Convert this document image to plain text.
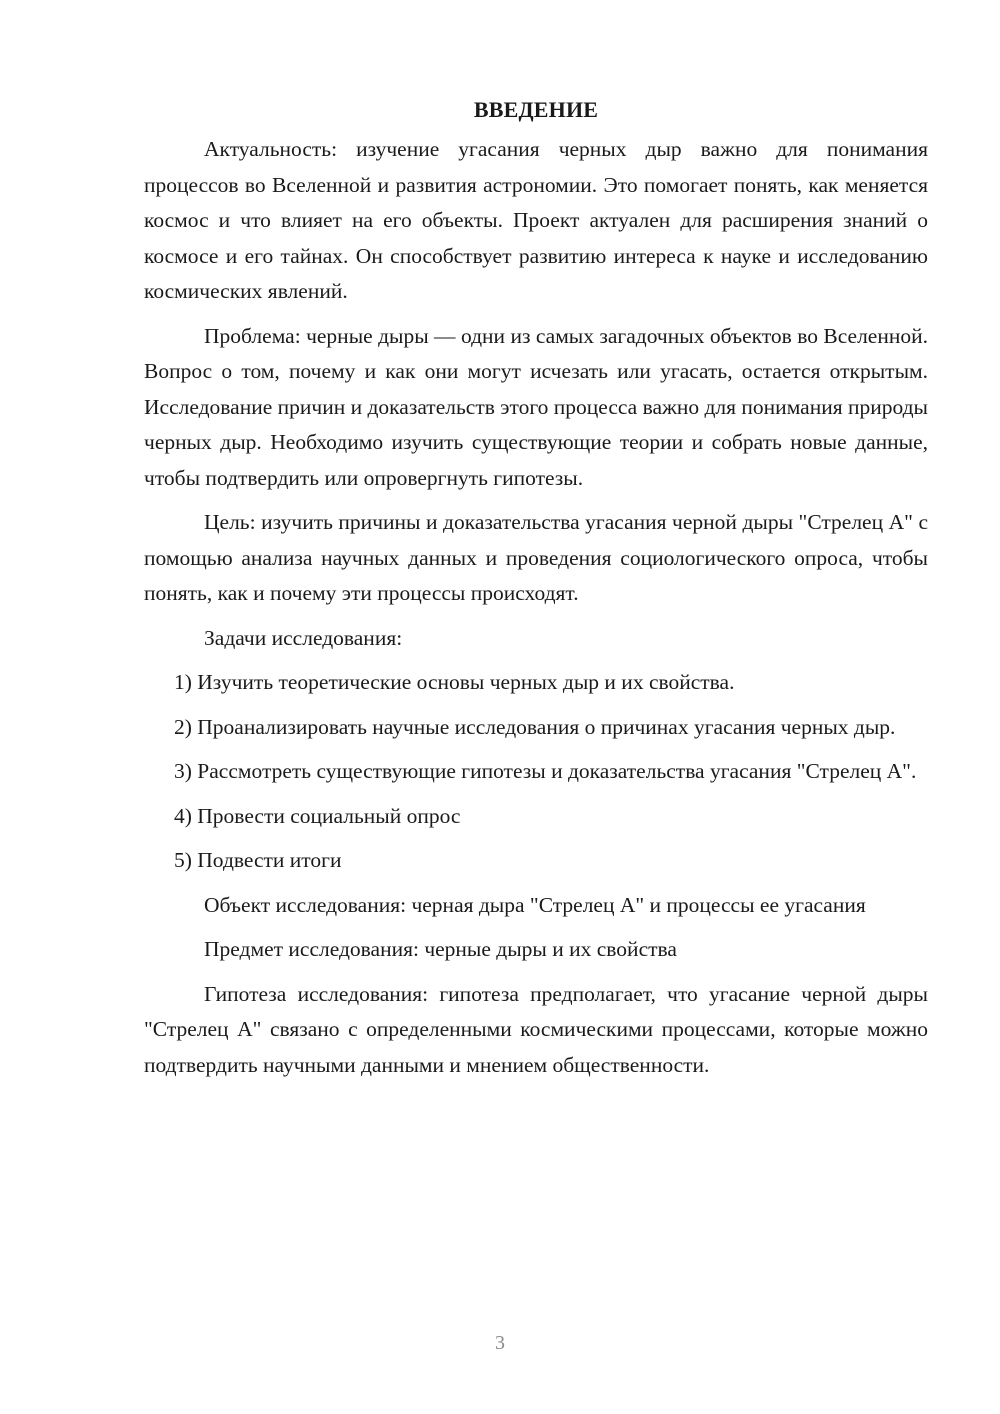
ВВЕДЕНИЕ

Актуальность: изучение угасания черных дыр важно для понимания процессов во Вселенной и развития астрономии. Это помогает понять, как меняется космос и что влияет на его объекты. Проект актуален для расширения знаний о космосе и его тайнах. Он способствует развитию интереса к науке и исследованию космических явлений.

Проблема: черные дыры — одни из самых загадочных объектов во Вселенной. Вопрос о том, почему и как они могут исчезать или угасать, остается открытым. Исследование причин и доказательств этого процесса важно для понимания природы черных дыр. Необходимо изучить существующие теории и собрать новые данные, чтобы подтвердить или опровергнуть гипотезы.

Цель: изучить причины и доказательства угасания черной дыры "Стрелец А" с помощью анализа научных данных и проведения социологического опроса, чтобы понять, как и почему эти процессы происходят.

Задачи исследования:

1) Изучить теоретические основы черных дыр и их свойства.

2) Проанализировать научные исследования о причинах угасания черных дыр.

3) Рассмотреть существующие гипотезы и доказательства угасания "Стрелец А".

4) Провести социальный опрос

5) Подвести итоги

Объект исследования: черная дыра "Стрелец А" и процессы ее угасания

Предмет исследования: черные дыры и их свойства

Гипотеза исследования: гипотеза предполагает, что угасание черной дыры "Стрелец А" связано с определенными космическими процессами, которые можно подтвердить научными данными и мнением общественности.

3
